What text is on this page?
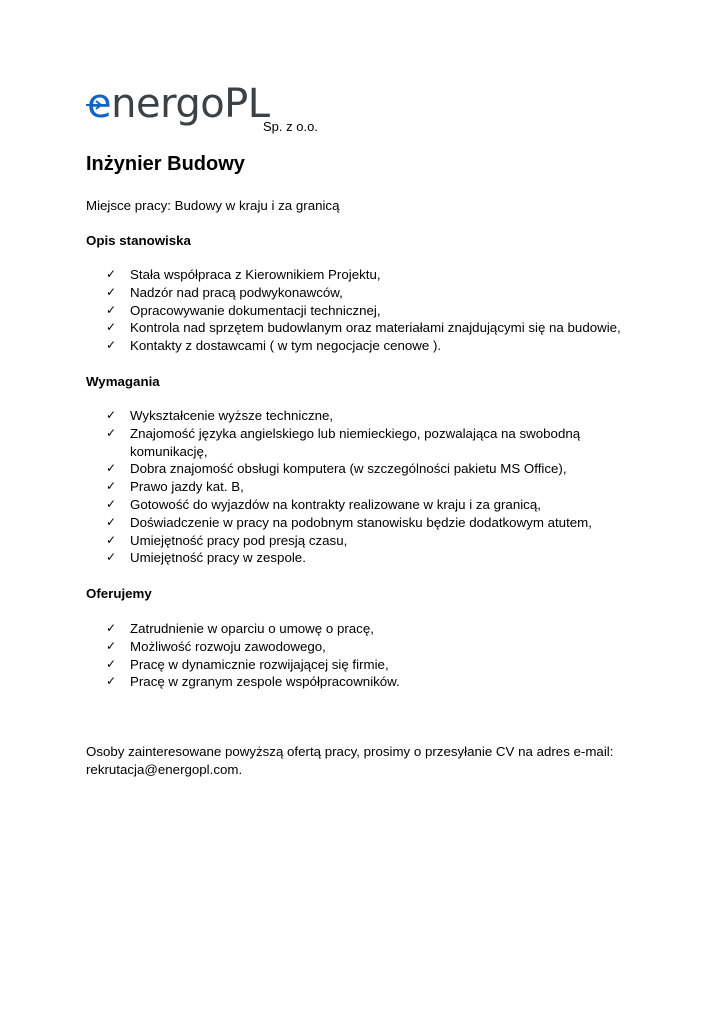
e
nergoPL
Sp. z o.o.
Inżynier Budowy
Miejsce pracy: Budowy w kraju i za granicą
Opis stanowiska
✓ Stała współpraca z Kierownikiem Projektu,
✓ Nadzór nad pracą podwykonawców,
✓ Opracowywanie dokumentacji technicznej,
✓ Kontrola nad sprzętem budowlanym oraz materiałami znajdującymi się na budowie,
✓ Kontakty z dostawcami ( w tym negocjacje cenowe ).
Wymagania
✓ Wykształcenie wyższe techniczne,
✓ Znajomość języka angielskiego lub niemieckiego, pozwalająca na swobodną
komunikację,
✓ Dobra znajomość obsługi komputera (w szczególności pakietu MS Office),
✓ Prawo jazdy kat. B,
✓ Gotowość do wyjazdów na kontrakty realizowane w kraju i za granicą,
✓ Doświadczenie w pracy na podobnym stanowisku będzie dodatkowym atutem,
✓ Umiejętność pracy pod presją czasu,
✓ Umiejętność pracy w zespole.
Oferujemy
✓ Zatrudnienie w oparciu o umowę o pracę,
✓ Możliwość rozwoju zawodowego,
✓ Pracę w dynamicznie rozwijającej się firmie,
✓ Pracę w zgranym zespole współpracowników.
Osoby zainteresowane powyższą ofertą pracy, prosimy o przesyłanie CV na adres e-mail:
rekrutacja@energopl.com.
